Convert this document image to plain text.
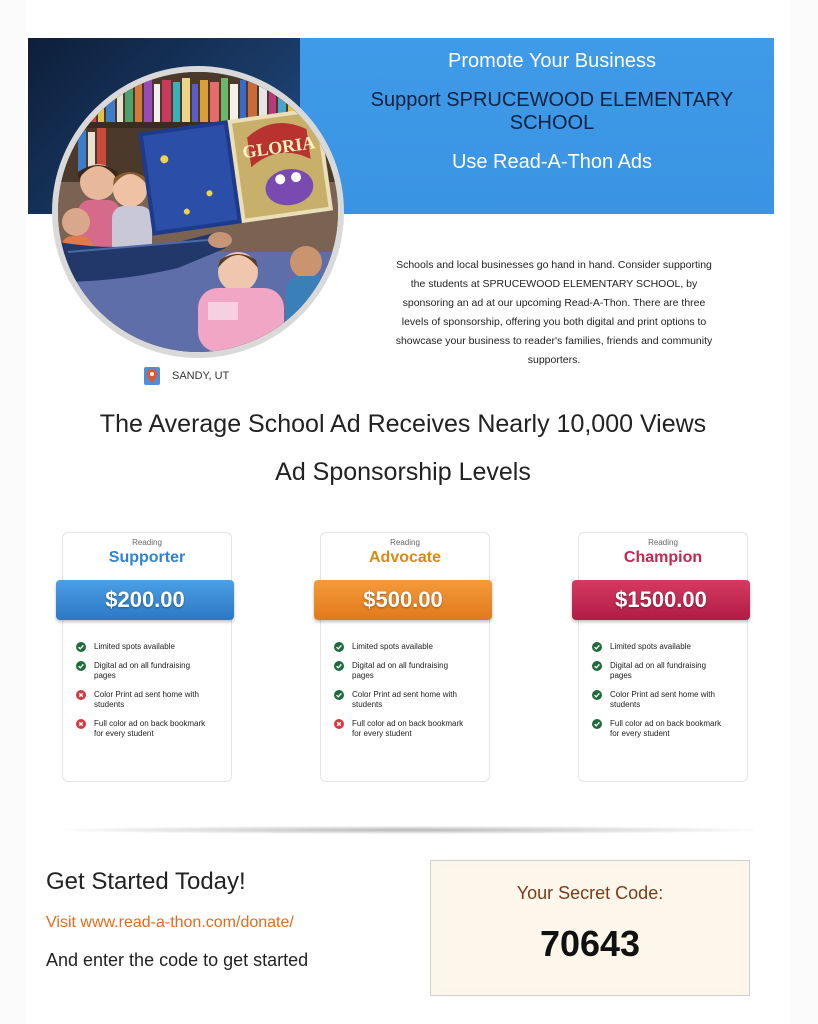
Promote Your Business
Support SPRUCEWOOD ELEMENTARY
SCHOOL
Use Read-A-Thon Ads
GLORIA
Schools and local businesses go hand in hand. Consider supporting
the students at SPRUCEWOOD ELEMENTARY SCHOOL, by
sponsoring an ad at our upcoming Read-A-Thon. There are three
levels of sponsorship, offering you both digital and print options to
showcase your business to reader's families, friends and community
supporters.
SANDY, UT
The Average School Ad Receives Nearly 10,000 Views
Ad Sponsorship Levels
Reading
Supporter
$200.00
Limited spots available
Digital ad on all fundraising
pages
Color Print ad sent home with
students
Full color ad on back bookmark
for every student
Reading
Advocate
$500.00
Limited spots available
Digital ad on all fundraising
pages
Color Print ad sent home with
students
Full color ad on back bookmark
for every student
Reading
Champion
$1500.00
Limited spots available
Digital ad on all fundraising
pages
Color Print ad sent home with
students
Full color ad on back bookmark
for every student
Get Started Today!
Visit www.read-a-thon.com/donate/
And enter the code to get started
Your Secret Code:
70643
